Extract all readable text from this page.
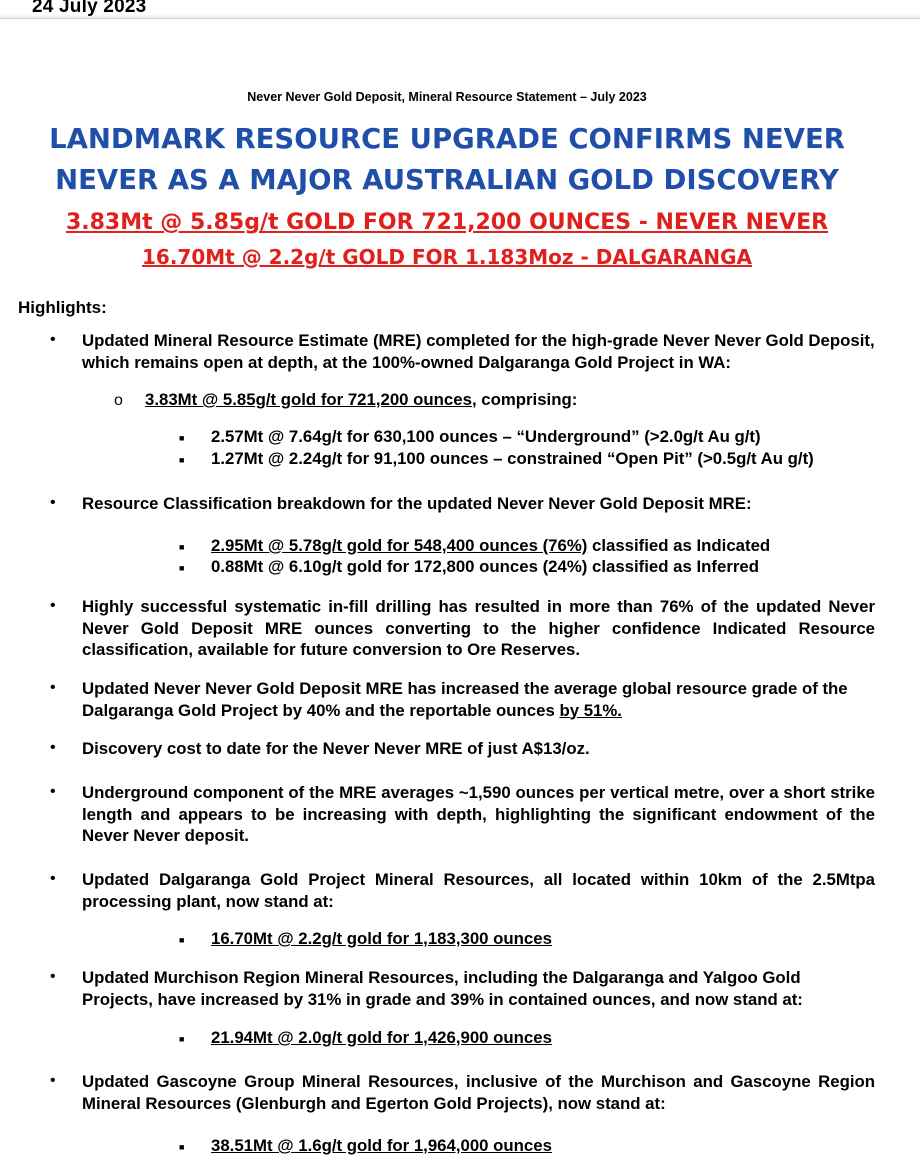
24 July 2023
Never Never Gold Deposit, Mineral Resource Statement – July 2023
LANDMARK RESOURCE UPGRADE CONFIRMS NEVER
NEVER AS A MAJOR AUSTRALIAN GOLD DISCOVERY
3.83Mt @ 5.85g/t GOLD FOR 721,200 OUNCES - NEVER NEVER
16.70Mt @ 2.2g/t GOLD FOR 1.183Moz - DALGARANGA
Highlights:
• Updated Mineral Resource Estimate (MRE) completed for the high-grade Never Never Gold Deposit, which remains open at depth, at the 100%-owned Dalgaranga Gold Project in WA:
o 3.83Mt @ 5.85g/t gold for 721,200 ounces, comprising:
■ 2.57Mt @ 7.64g/t for 630,100 ounces – “Underground” (>2.0g/t Au g/t)
■ 1.27Mt @ 2.24g/t for 91,100 ounces – constrained “Open Pit” (>0.5g/t Au g/t)
• Resource Classification breakdown for the updated Never Never Gold Deposit MRE:
■ 2.95Mt @ 5.78g/t gold for 548,400 ounces (76%) classified as Indicated
■ 0.88Mt @ 6.10g/t gold for 172,800 ounces (24%) classified as Inferred
• Highly successful systematic in-fill drilling has resulted in more than 76% of the updated Never Never Gold Deposit MRE ounces converting to the higher confidence Indicated Resource classification, available for future conversion to Ore Reserves.
• Updated Never Never Gold Deposit MRE has increased the average global resource grade of the Dalgaranga Gold Project by 40% and the reportable ounces by 51%.
• Discovery cost to date for the Never Never MRE of just A$13/oz.
• Underground component of the MRE averages ~1,590 ounces per vertical metre, over a short strike length and appears to be increasing with depth, highlighting the significant endowment of the Never Never deposit.
• Updated Dalgaranga Gold Project Mineral Resources, all located within 10km of the 2.5Mtpa processing plant, now stand at:
■ 16.70Mt @ 2.2g/t gold for 1,183,300 ounces
• Updated Murchison Region Mineral Resources, including the Dalgaranga and Yalgoo Gold Projects, have increased by 31% in grade and 39% in contained ounces, and now stand at:
■ 21.94Mt @ 2.0g/t gold for 1,426,900 ounces
• Updated Gascoyne Group Mineral Resources, inclusive of the Murchison and Gascoyne Region Mineral Resources (Glenburgh and Egerton Gold Projects), now stand at:
■ 38.51Mt @ 1.6g/t gold for 1,964,000 ounces
